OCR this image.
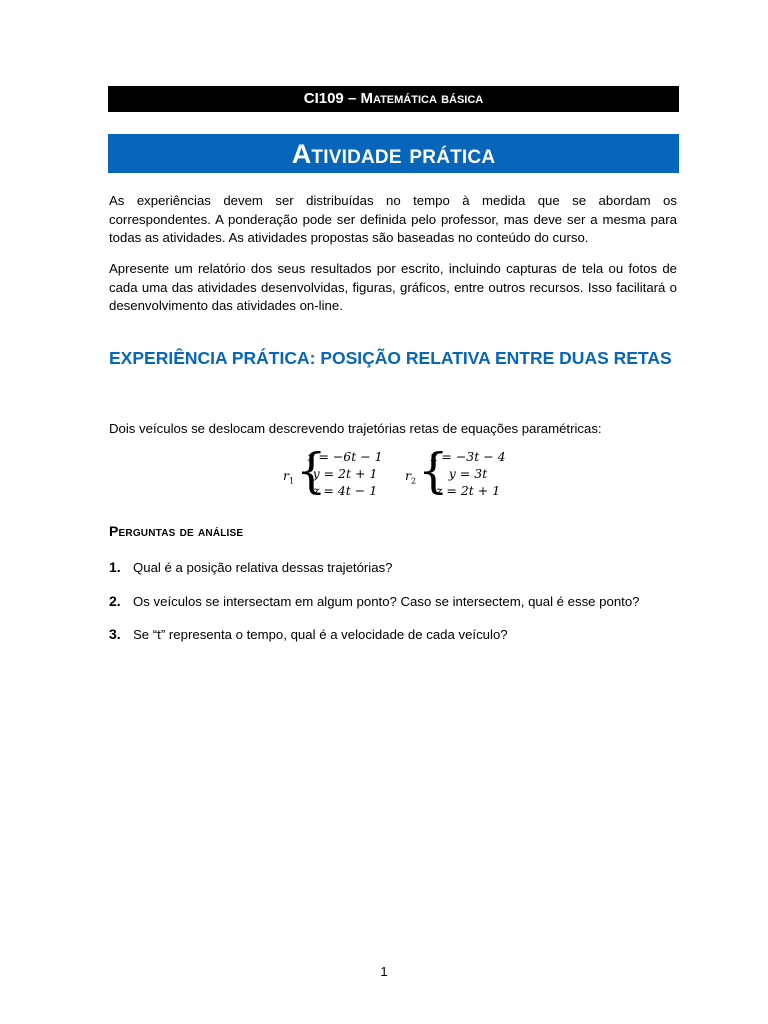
CI109 – Matemática básica
Atividade prática
As experiências devem ser distribuídas no tempo à medida que se abordam os correspondentes. A ponderação pode ser definida pelo professor, mas deve ser a mesma para todas as atividades. As atividades propostas são baseadas no conteúdo do curso.
Apresente um relatório dos seus resultados por escrito, incluindo capturas de tela ou fotos de cada uma das atividades desenvolvidas, figuras, gráficos, entre outros recursos. Isso facilitará o desenvolvimento das atividades on-line.
EXPERIÊNCIA PRÁTICA: POSIÇÃO RELATIVA ENTRE DUAS RETAS
Dois veículos se deslocam descrevendo trajetórias retas de equações paramétricas:
$r_1$ {
x = −6t − 1
y = 2t + 1
z = 4t − 1
$r_2$ {
x = −3t − 4
y = 3t
z = 2t + 1
Perguntas de análise
1. Qual é a posição relativa dessas trajetórias?
2. Os veículos se intersectam em algum ponto? Caso se intersectem, qual é esse ponto?
3. Se “t” representa o tempo, qual é a velocidade de cada veículo?
1
